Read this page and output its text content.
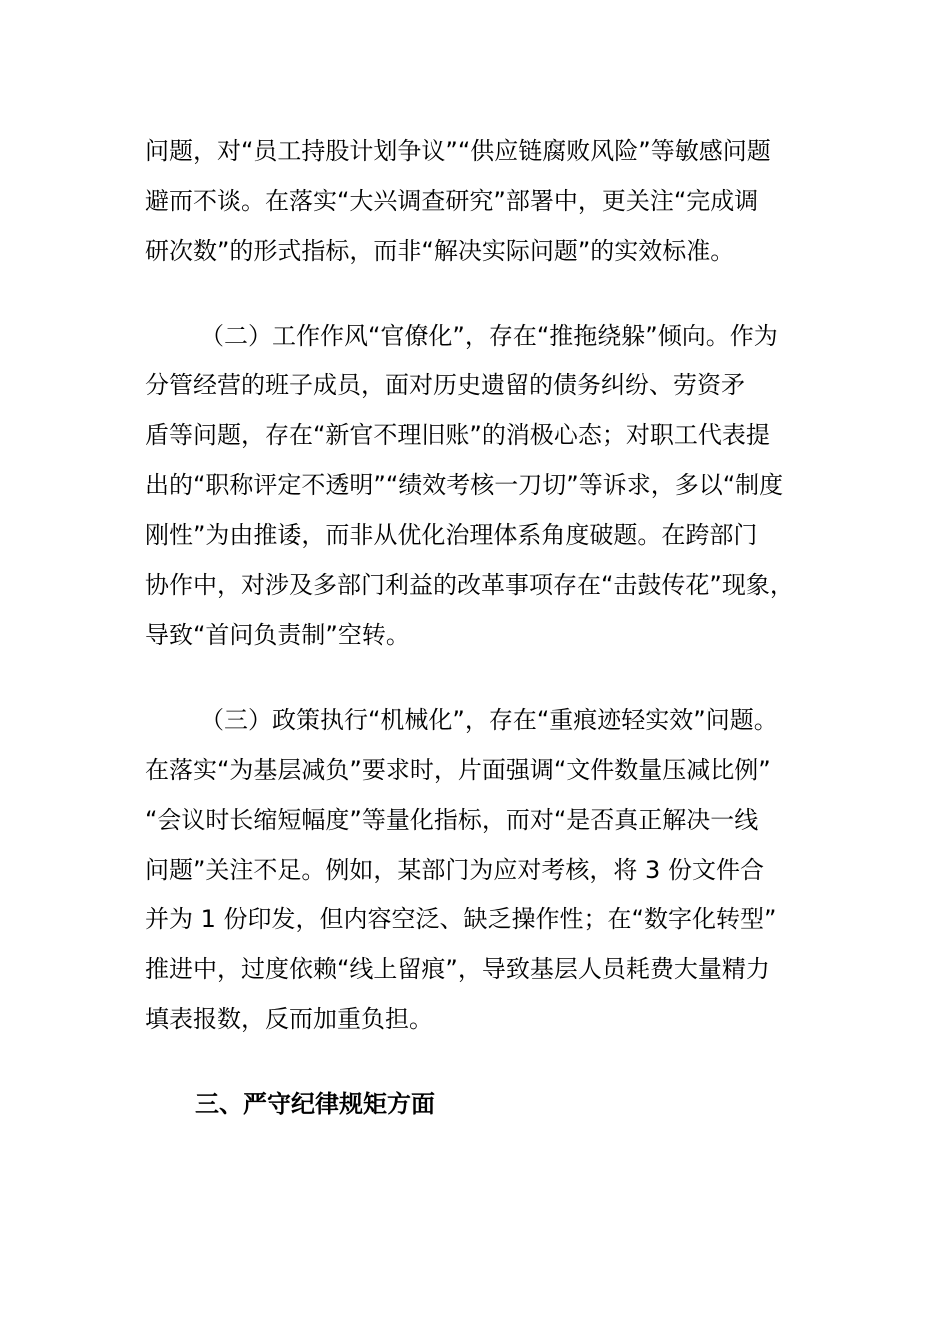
问题，对“员工持股计划争议”“供应链腐败风险”等敏感问题
避而不谈。在落实“大兴调查研究”部署中，更关注“完成调
研次数”的形式指标，而非“解决实际问题”的实效标准。
（二）工作作风“官僚化”，存在“推拖绕躲”倾向。作为
分管经营的班子成员，面对历史遗留的债务纠纷、劳资矛
盾等问题，存在“新官不理旧账”的消极心态；对职工代表提
出的“职称评定不透明”“绩效考核一刀切”等诉求，多以“制度
刚性”为由推诿，而非从优化治理体系角度破题。在跨部门
协作中，对涉及多部门利益的改革事项存在“击鼓传花”现象，
导致“首问负责制”空转。
（三）政策执行“机械化”，存在“重痕迹轻实效”问题。
在落实“为基层减负”要求时，片面强调“文件数量压减比例”
“会议时长缩短幅度”等量化指标，而对“是否真正解决一线
问题”关注不足。例如，某部门为应对考核，将 3 份文件合
并为 1 份印发，但内容空泛、缺乏操作性；在“数字化转型”
推进中，过度依赖“线上留痕”，导致基层人员耗费大量精力
填表报数，反而加重负担。
三、严守纪律规矩方面
